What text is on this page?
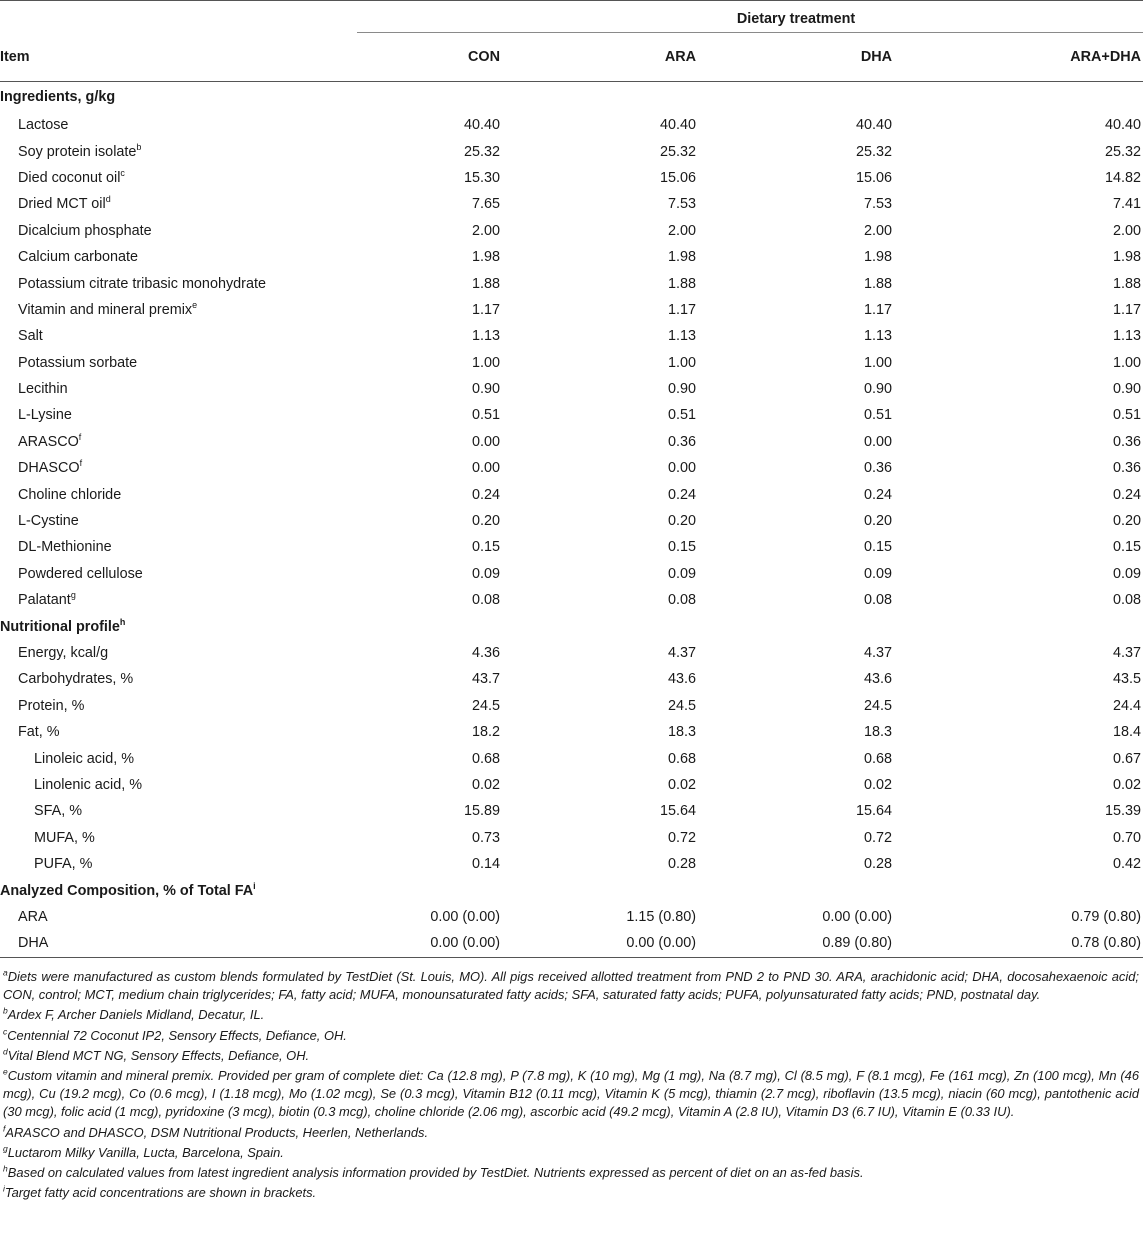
	Dietary treatment			
Item	CON	ARA	DHA	ARA+DHA
Ingredients, g/kg				
Lactose	40.40	40.40	40.40	40.40
Soy protein isolate$^b$	25.32	25.32	25.32	25.32
Died coconut oil$^c$	15.30	15.06	15.06	14.82
Dried MCT oil$^d$	7.65	7.53	7.53	7.41
Dicalcium phosphate	2.00	2.00	2.00	2.00
Calcium carbonate	1.98	1.98	1.98	1.98
Potassium citrate tribasic monohydrate	1.88	1.88	1.88	1.88
Vitamin and mineral premix$^e$	1.17	1.17	1.17	1.17
Salt	1.13	1.13	1.13	1.13
Potassium sorbate	1.00	1.00	1.00	1.00
Lecithin	0.90	0.90	0.90	0.90
L-Lysine	0.51	0.51	0.51	0.51
ARASCO$^f$	0.00	0.36	0.00	0.36
DHASCO$^f$	0.00	0.00	0.36	0.36
Choline chloride	0.24	0.24	0.24	0.24
L-Cystine	0.20	0.20	0.20	0.20
DL-Methionine	0.15	0.15	0.15	0.15
Powdered cellulose	0.09	0.09	0.09	0.09
Palatant$^g$	0.08	0.08	0.08	0.08
Nutritional profile$^h$
Energy, kcal/g	4.36	4.37	4.37	4.37
Carbohydrates, %	43.7	43.6	43.6	43.5
Protein, %	24.5	24.5	24.5	24.4
Fat, %	18.2	18.3	18.3	18.4
Linoleic acid, %	0.68	0.68	0.68	0.67
Linolenic acid, %	0.02	0.02	0.02	0.02
SFA, %	15.89	15.64	15.64	15.39
MUFA, %	0.73	0.72	0.72	0.70
PUFA, %	0.14	0.28	0.28	0.42
Analyzed Composition, % of Total $FA^i$
ARA	0.00 (0.00)	1.15 (0.80)	0.00 (0.00)	0.79 (0.80)
DHA	0.00 (0.00)	0.00 (0.00)	0.89 (0.80)	0.78 (0.80)
$^a$Diets were manufactured as custom blends formulated by TestDiet (St. Louis, MO). All pigs received allotted treatment from PND 2 to PND 30. ARA, arachidonic acid; DHA, docosahexaenoic acid; CON, control; MCT, medium chain triglycerides; FA, fatty acid; MUFA, monounsaturated fatty acids; SFA, saturated fatty acids; PUFA, polyunsaturated fatty acids; PND, postnatal day.
$^b$Ardex F, Archer Daniels Midland, Decatur, IL.
$^c$Centennial 72 Coconut IP2, Sensory Effects, Defiance, OH.
$^d$Vital Blend MCT NG, Sensory Effects, Defiance, OH.
$^e$Custom vitamin and mineral premix. Provided per gram of complete diet: Ca (12.8 mg), P (7.8 mg), K (10 mg), Mg (1 mg), Na (8.7 mg), Cl (8.5 mg), F (8.1 mcg), Fe (161 mcg), Zn (100 mcg), Mn (46 mcg), Cu (19.2 mcg), Co (0.6 mcg), I (1.18 mcg), Mo (1.02 mcg), Se (0.3 mcg), Vitamin B12 (0.11 mcg), Vitamin K (5 mcg), thiamin (2.7 mcg), riboflavin (13.5 mcg), niacin (60 mcg), pantothenic acid (30 mcg), folic acid (1 mcg), pyridoxine (3 mcg), biotin (0.3 mcg), choline chloride (2.06 mg), ascorbic acid (49.2 mcg), Vitamin A (2.8 IU), Vitamin D3 (6.7 IU), Vitamin E (0.33 IU).
$^f$ARASCO and DHASCO, DSM Nutritional Products, Heerlen, Netherlands.
$^g$Luctarom Milky Vanilla, Lucta, Barcelona, Spain.
$^h$Based on calculated values from latest ingredient analysis information provided by TestDiet. Nutrients expressed as percent of diet on an as-fed basis.
$^i$Target fatty acid concentrations are shown in brackets.
